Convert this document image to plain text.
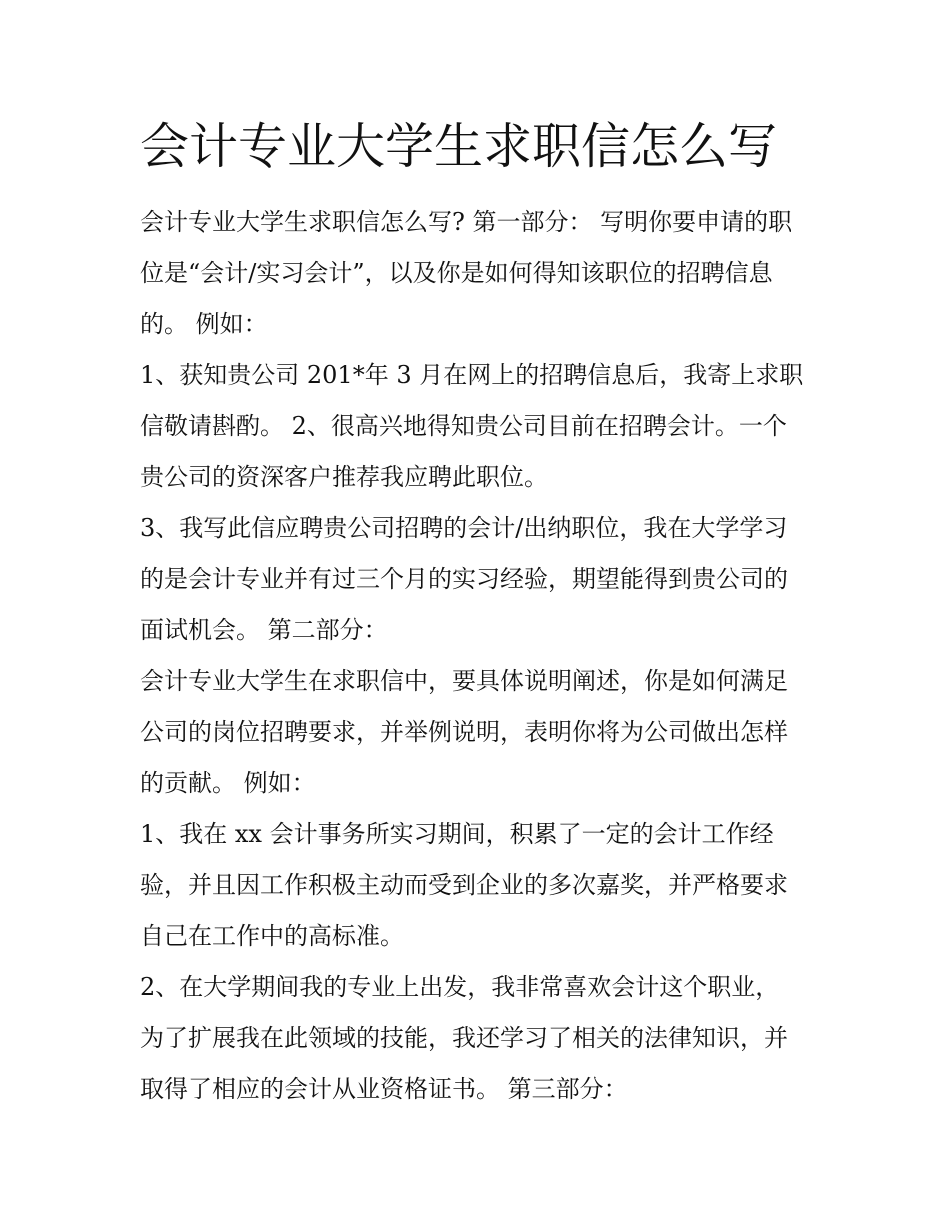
会计专业大学生求职信怎么写

会计专业大学生求职信怎么写? 第一部分： 写明你要申请的职
位是“会计/实习会计”，以及你是如何得知该职位的招聘信息
的。 例如：

1、获知贵公司 201*年 3 月在网上的招聘信息后，我寄上求职
信敬请斟酌。 2、很高兴地得知贵公司目前在招聘会计。一个
贵公司的资深客户推荐我应聘此职位。

3、我写此信应聘贵公司招聘的会计/出纳职位，我在大学学习
的是会计专业并有过三个月的实习经验，期望能得到贵公司的
面试机会。 第二部分：

会计专业大学生在求职信中，要具体说明阐述，你是如何满足
公司的岗位招聘要求，并举例说明，表明你将为公司做出怎样
的贡献。 例如：

1、我在 xx 会计事务所实习期间，积累了一定的会计工作经
验，并且因工作积极主动而受到企业的多次嘉奖，并严格要求
自己在工作中的高标准。

2、在大学期间我的专业上出发，我非常喜欢会计这个职业，
为了扩展我在此领域的技能，我还学习了相关的法律知识，并
取得了相应的会计从业资格证书。 第三部分：
